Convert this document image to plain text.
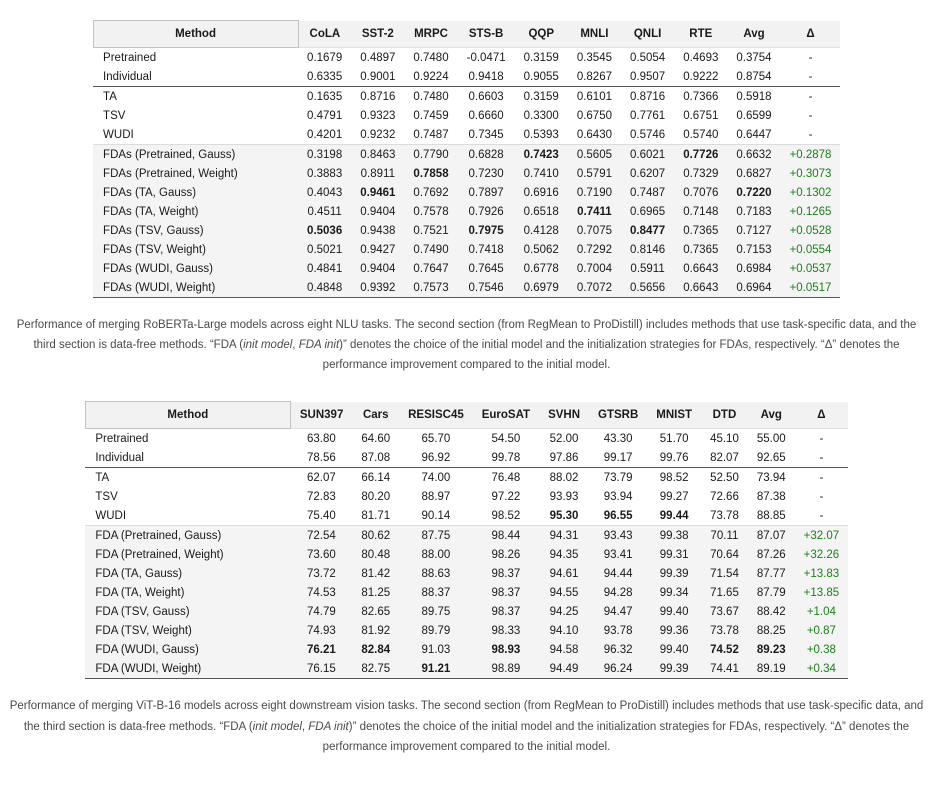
Method	CoLA	SST-2	MRPC	STS-B	QQP	MNLI	QNLI	RTE	Avg	Δ
Pretrained	0.1679	0.4897	0.7480	-0.0471	0.3159	0.3545	0.5054	0.4693	0.3754	-
Individual	0.6335	0.9001	0.9224	0.9418	0.9055	0.8267	0.9507	0.9222	0.8754	-
TA	0.1635	0.8716	0.7480	0.6603	0.3159	0.6101	0.8716	0.7366	0.5918	-
TSV	0.4791	0.9323	0.7459	0.6660	0.3300	0.6750	0.7761	0.6751	0.6599	-
WUDI	0.4201	0.9232	0.7487	0.7345	0.5393	0.6430	0.5746	0.5740	0.6447	-
FDAs (Pretrained, Gauss)	0.3198	0.8463	0.7790	0.6828	0.7423	0.5605	0.6021	0.7726	0.6632	+0.2878
FDAs (Pretrained, Weight)	0.3883	0.8911	0.7858	0.7230	0.7410	0.5791	0.6207	0.7329	0.6827	+0.3073
FDAs (TA, Gauss)	0.4043	0.9461	0.7692	0.7897	0.6916	0.7190	0.7487	0.7076	0.7220	+0.1302
FDAs (TA, Weight)	0.4511	0.9404	0.7578	0.7926	0.6518	0.7411	0.6965	0.7148	0.7183	+0.1265
FDAs (TSV, Gauss)	0.5036	0.9438	0.7521	0.7975	0.4128	0.7075	0.8477	0.7365	0.7127	+0.0528
FDAs (TSV, Weight)	0.5021	0.9427	0.7490	0.7418	0.5062	0.7292	0.8146	0.7365	0.7153	+0.0554
FDAs (WUDI, Gauss)	0.4841	0.9404	0.7647	0.7645	0.6778	0.7004	0.5911	0.6643	0.6984	+0.0537
FDAs (WUDI, Weight)	0.4848	0.9392	0.7573	0.7546	0.6979	0.7072	0.5656	0.6643	0.6964	+0.0517

Performance of merging RoBERTa-Large models across eight NLU tasks. The second section (from RegMean to ProDistill) includes methods that use task-specific data, and the third section is data-free methods. “FDA (init model, FDA init)” denotes the choice of the initial model and the initialization strategies for FDAs, respectively. “Δ” denotes the performance improvement compared to the initial model.

Method	SUN397	Cars	RESISC45	EuroSAT	SVHN	GTSRB	MNIST	DTD	Avg	Δ
Pretrained	63.80	64.60	65.70	54.50	52.00	43.30	51.70	45.10	55.00	-
Individual	78.56	87.08	96.92	99.78	97.86	99.17	99.76	82.07	92.65	-
TA	62.07	66.14	74.00	76.48	88.02	73.79	98.52	52.50	73.94	-
TSV	72.83	80.20	88.97	97.22	93.93	93.94	99.27	72.66	87.38	-
WUDI	75.40	81.71	90.14	98.52	95.30	96.55	99.44	73.78	88.85	-
FDA (Pretrained, Gauss)	72.54	80.62	87.75	98.44	94.31	93.43	99.38	70.11	87.07	+32.07
FDA (Pretrained, Weight)	73.60	80.48	88.00	98.26	94.35	93.41	99.31	70.64	87.26	+32.26
FDA (TA, Gauss)	73.72	81.42	88.63	98.37	94.61	94.44	99.39	71.54	87.77	+13.83
FDA (TA, Weight)	74.53	81.25	88.37	98.37	94.55	94.28	99.34	71.65	87.79	+13.85
FDA (TSV, Gauss)	74.79	82.65	89.75	98.37	94.25	94.47	99.40	73.67	88.42	+1.04
FDA (TSV, Weight)	74.93	81.92	89.79	98.33	94.10	93.78	99.36	73.78	88.25	+0.87
FDA (WUDI, Gauss)	76.21	82.84	91.03	98.93	94.58	96.32	99.40	74.52	89.23	+0.38
FDA (WUDI, Weight)	76.15	82.75	91.21	98.89	94.49	96.24	99.39	74.41	89.19	+0.34

Performance of merging ViT-B-16 models across eight downstream vision tasks. The second section (from RegMean to ProDistill) includes methods that use task-specific data, and the third section is data-free methods. “FDA (init model, FDA init)” denotes the choice of the initial model and the initialization strategies for FDAs, respectively. “Δ” denotes the performance improvement compared to the initial model.
